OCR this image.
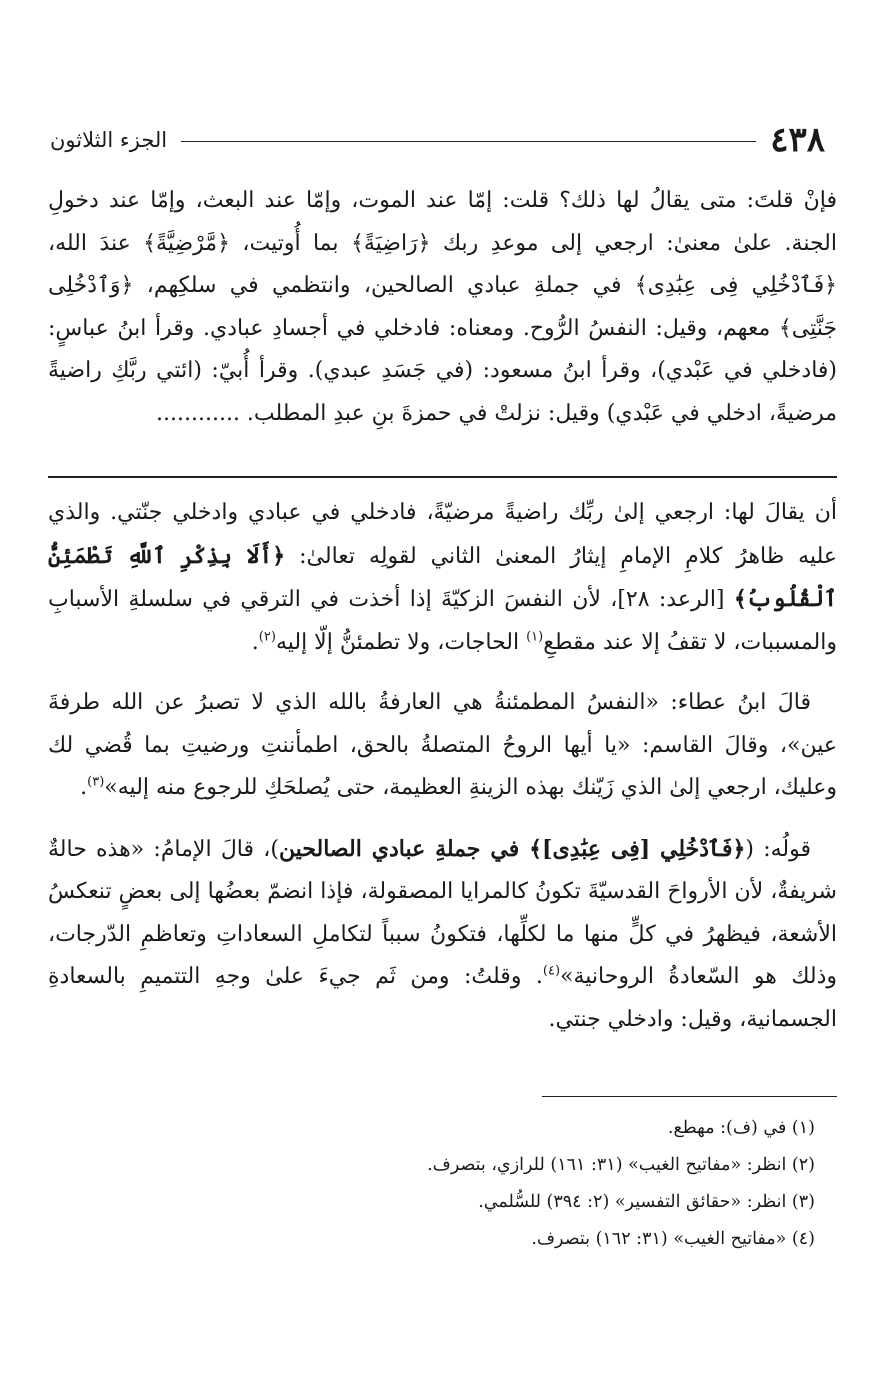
٤٣٨
الجزء الثلاثون

فإنْ قلتَ: متى يقالُ لها ذلك؟ قلت: إمّا عند الموت، وإمّا عند البعث، وإمّا عند دخولِ الجنة. علىٰ معنىٰ: ارجعي إلى موعدِ ربك ﴿رَاضِيَةً﴾ بما أُوتيت، ﴿مَّرْضِيَّةً﴾ عندَ الله، ﴿فَٱدْخُلِي فِى عِبَٰدِى﴾ في جملةِ عبادي الصالحين، وانتظمي في سلكِهم، ﴿وَٱدْخُلِى جَنَّتِى﴾ معهم، وقيل: النفسُ الرُّوح. ومعناه: فادخلي في أجسادِ عبادي. وقرأ ابنُ عباسٍ: (فادخلي في عَبْدي)، وقرأ ابنُ مسعود: (في جَسَدِ عبدي). وقرأ أُبيّ: (ائتي ربَّكِ راضيةً مرضيةً، ادخلي في عَبْدي) وقيل: نزلتْ في حمزةَ بنِ عبدِ المطلب. ............

أن يقالَ لها: ارجعي إلىٰ ربِّك راضيةً مرضيّةً، فادخلي في عبادي وادخلي جنّتي. والذي عليه ظاهرُ كلامِ الإمامِ إيثارُ المعنىٰ الثاني لقولِه تعالىٰ: ﴿أَلَا بِذِكْرِ ٱللَّهِ تَطْمَئِنُّ ٱلْقُلُوبُ﴾ [الرعد: ٢٨]، لأن النفسَ الزكيّةَ إذا أخذت في الترقي في سلسلةِ الأسبابِ والمسببات، لا تقفُ إلا عند مقطعِ$^{(١)}$ الحاجات، ولا تطمئنُّ إلّا إليه$^{(٢)}$.

قالَ ابنُ عطاء: «النفسُ المطمئنةُ هي العارفةُ بالله الذي لا تصبرُ عن الله طرفةَ عين»، وقالَ القاسم: «يا أيها الروحُ المتصلةُ بالحق، اطمأننتِ ورضيتِ بما قُضي لك وعليك، ارجعي إلىٰ الذي زَيّنك بهذه الزينةِ العظيمة، حتى يُصلحَكِ للرجوع منه إليه»$^{(٣)}$.

قولُه: (﴿فَٱدْخُلِي [فِى عِبَٰدِى]﴾ في جملةِ عبادي الصالحين)، قالَ الإمامُ: «هذه حالةٌ شريفةٌ، لأن الأرواحَ القدسيّةَ تكونُ كالمرايا المصقولة، فإذا انضمّ بعضُها إلى بعضٍ تنعكسُ الأشعة، فيظهرُ في كلٍّ منها ما لكلِّها، فتكونُ سبباً لتكاملِ السعاداتِ وتعاظمِ الدّرجات، وذلك هو السّعادةُ الروحانية»$^{(٤)}$. وقلتُ: ومن ثَم جيءَ علىٰ وجهِ التتميمِ بالسعادةِ الجسمانية، وقيل: وادخلي جنتي.

(١) في (ف): مهطع.
(٢) انظر: «مفاتيح الغيب» (٣١: ١٦١) للرازي، بتصرف.
(٣) انظر: «حقائق التفسير» (٢: ٣٩٤) للسُّلمي.
(٤) «مفاتيح الغيب» (٣١: ١٦٢) بتصرف.
